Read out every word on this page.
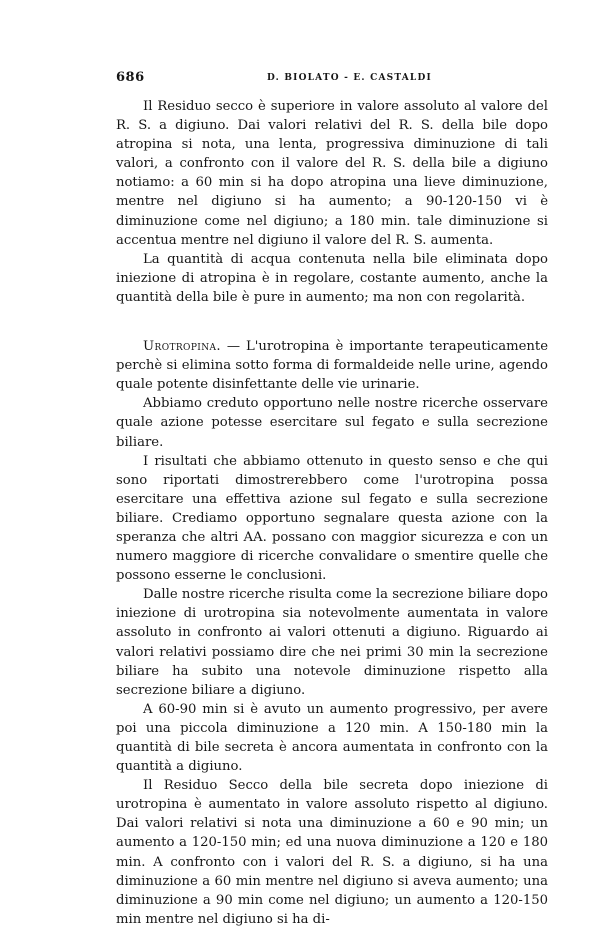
686	D. BIOLATO - E. CASTALDI

Il Residuo secco è superiore in valore assoluto al valore del R. S. a digiuno. Dai valori relativi del R. S. della bile dopo atropina si nota, una lenta, progressiva diminuzione di tali valori, a confronto con il valore del R. S. della bile a digiuno notiamo: a 60 min si ha dopo atropina una lieve diminuzione, mentre nel digiuno si ha aumento; a 90-120-150 vi è diminuzione come nel digiuno; a 180 min. tale diminuzione si accentua mentre nel digiuno il valore del R. S. aumenta.

La quantità di acqua contenuta nella bile eliminata dopo iniezione di atropina è in regolare, costante aumento, anche la quantità della bile è pure in aumento; ma non con regolarità.

Urotropina. — L'urotropina è importante terapeuticamente perchè si elimina sotto forma di formaldeide nelle urine, agendo quale potente disinfettante delle vie urinarie.

Abbiamo creduto opportuno nelle nostre ricerche osservare quale azione potesse esercitare sul fegato e sulla secrezione biliare.

I risultati che abbiamo ottenuto in questo senso e che qui sono riportati dimostrerebbero come l'urotropina possa esercitare una effettiva azione sul fegato e sulla secrezione biliare. Crediamo opportuno segnalare questa azione con la speranza che altri AA. possano con maggior sicurezza e con un numero maggiore di ricerche convalidare o smentire quelle che possono esserne le conclusioni.

Dalle nostre ricerche risulta come la secrezione biliare dopo iniezione di urotropina sia notevolmente aumentata in valore assoluto in confronto ai valori ottenuti a digiuno. Riguardo ai valori relativi possiamo dire che nei primi 30 min la secrezione biliare ha subito una notevole diminuzione rispetto alla secrezione biliare a digiuno.

A 60-90 min si è avuto un aumento progressivo, per avere poi una piccola diminuzione a 120 min. A 150-180 min la quantità di bile secreta è ancora aumentata in confronto con la quantità a digiuno.

Il Residuo Secco della bile secreta dopo iniezione di urotropina è aumentato in valore assoluto rispetto al digiuno. Dai valori relativi si nota una diminuzione a 60 e 90 min; un aumento a 120-150 min; ed una nuova diminuzione a 120 e 180 min. A confronto con i valori del R. S. a digiuno, si ha una diminuzione a 60 min mentre nel digiuno si aveva aumento; una diminuzione a 90 min come nel digiuno; un aumento a 120-150 min mentre nel digiuno si ha di-
